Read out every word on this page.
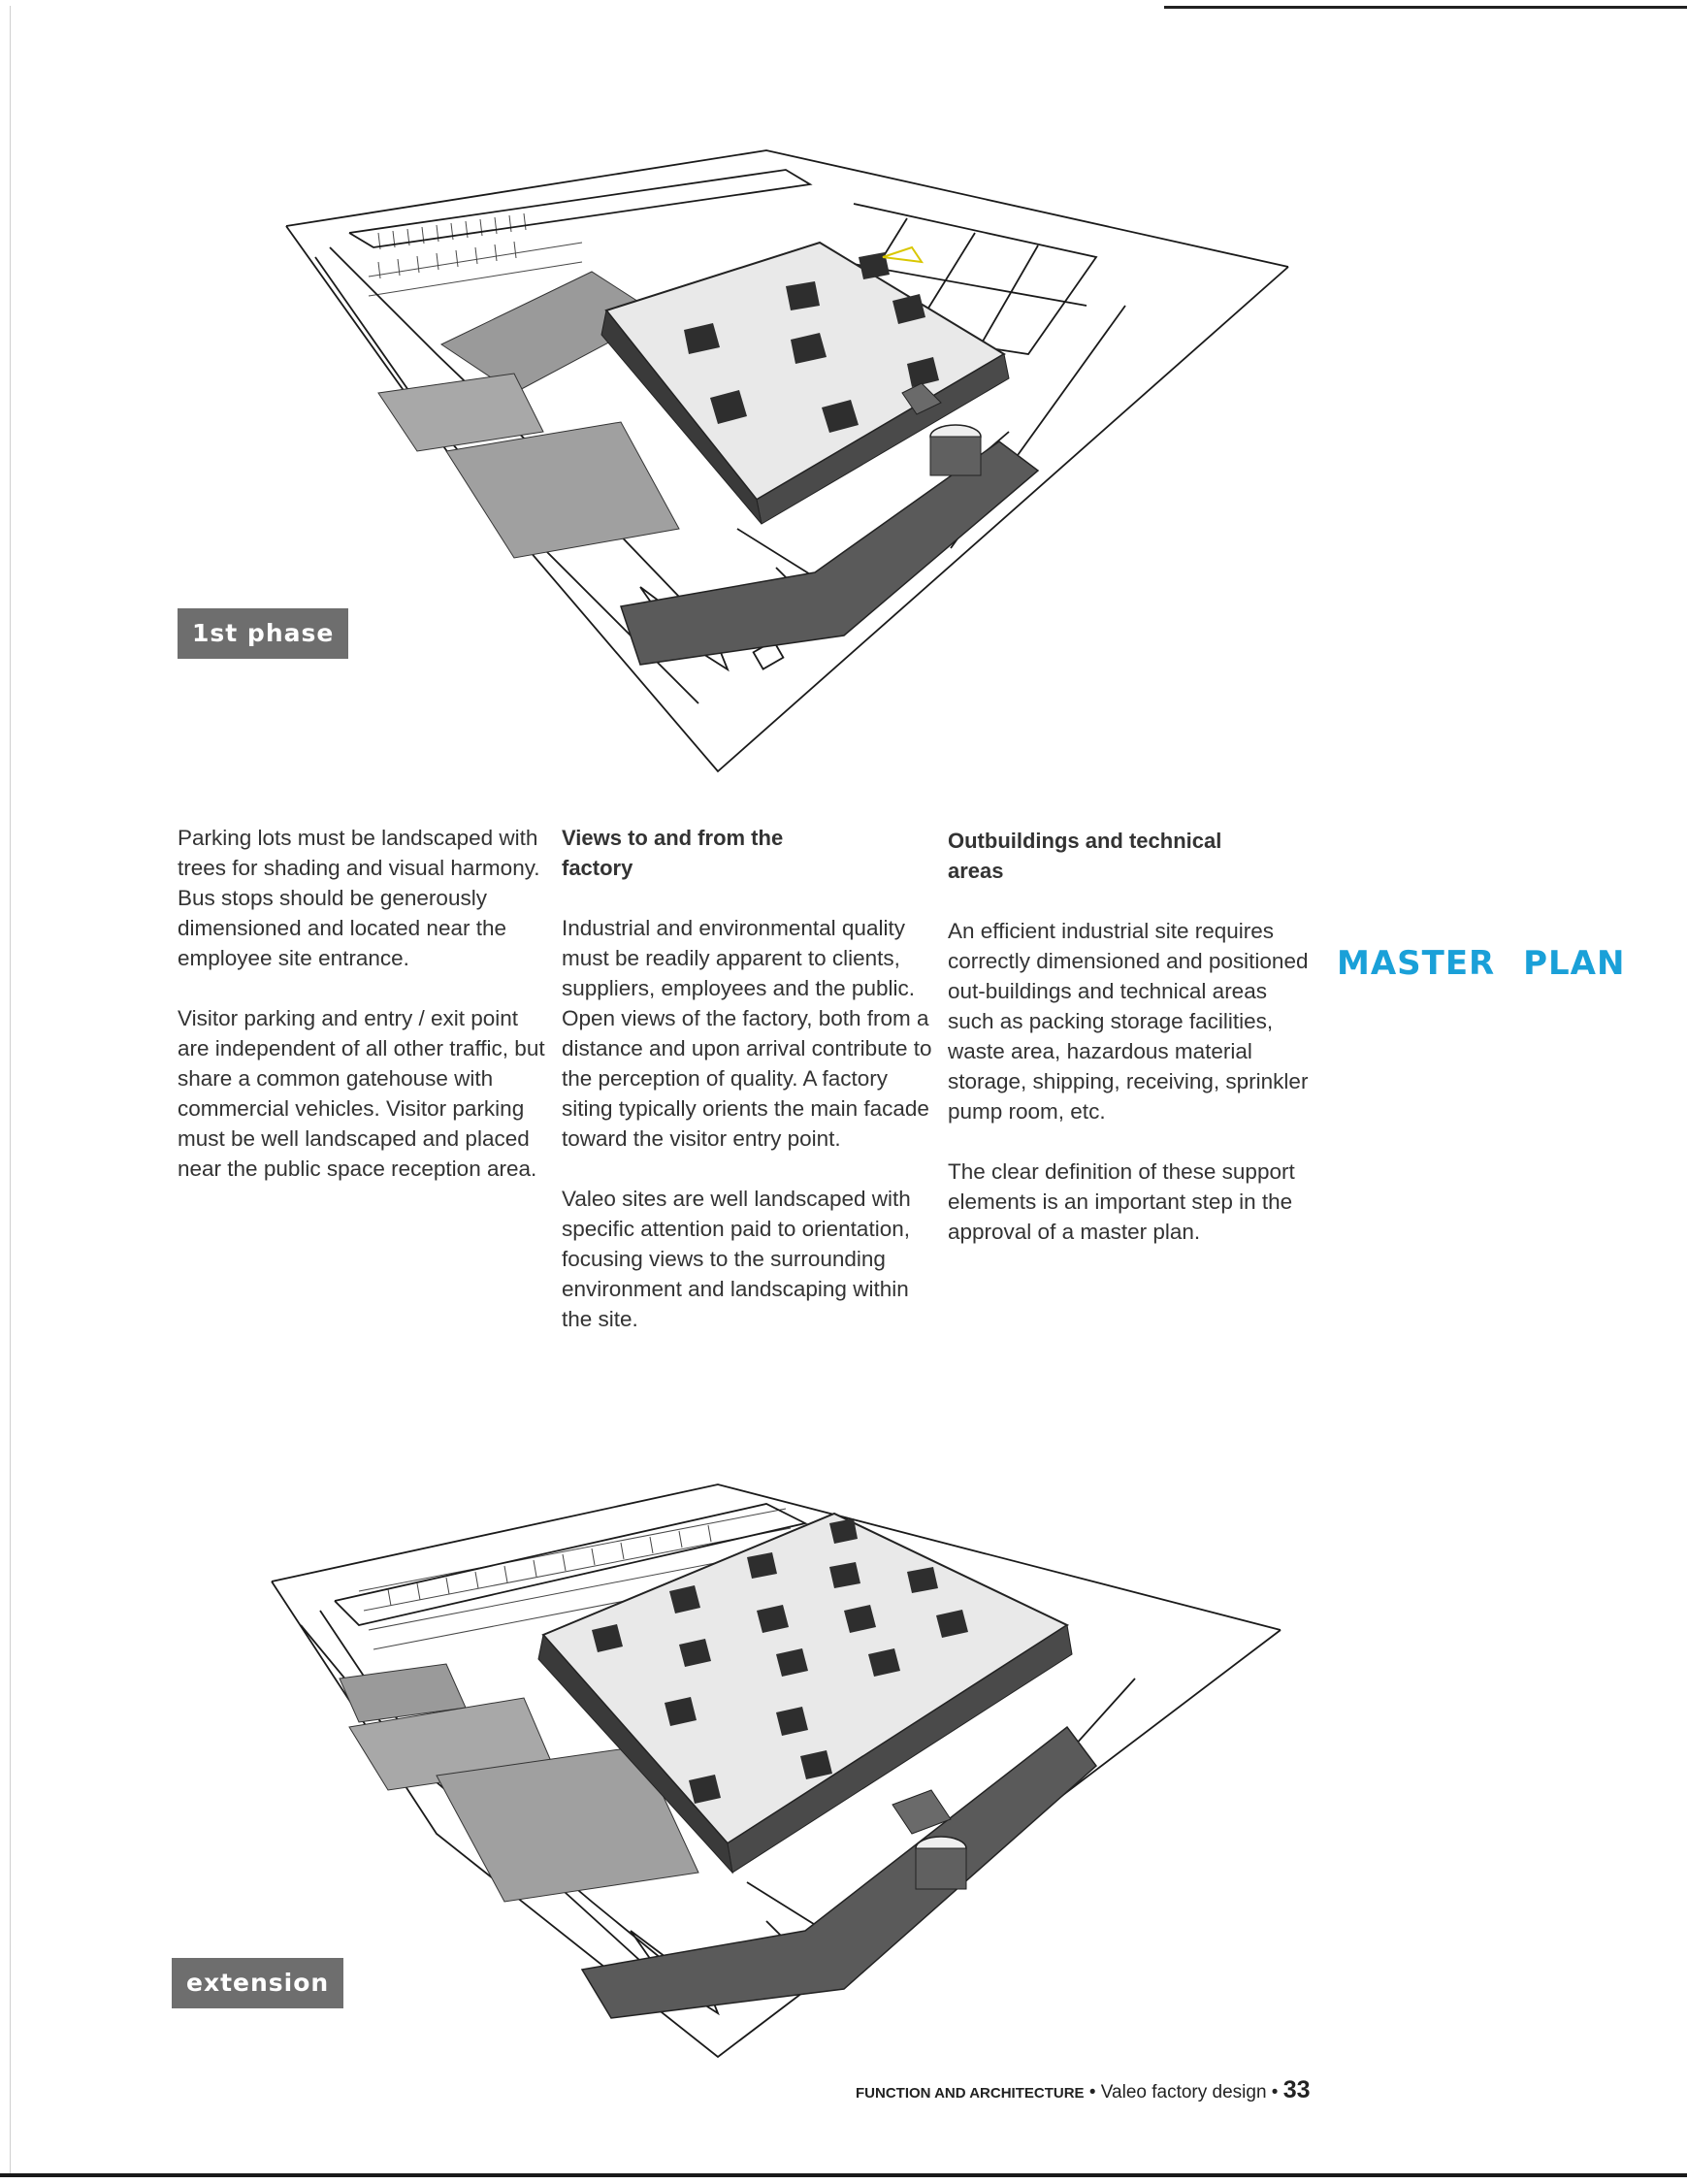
1st phase

Parking lots must be landscaped with trees for shading and visual harmony. Bus stops should be generously dimensioned and located near the employee site entrance.

Visitor parking and entry / exit point are independent of all other traffic, but share a common gatehouse with commercial vehicles. Visitor parking must be well landscaped and placed near the public space reception area.

Views to and from the factory

Industrial and environmental quality must be readily apparent to clients, suppliers, employees and the public. Open views of the factory, both from a distance and upon arrival contribute to the perception of quality. A factory siting typically orients the main facade toward the visitor entry point.

Valeo sites are well landscaped with specific attention paid to orientation, focusing views to the surrounding environment and landscaping within the site.

Outbuildings and technical areas

An efficient industrial site requires correctly dimensioned and positioned out-buildings and technical areas such as packing storage facilities, waste area, hazardous material storage, shipping, receiving, sprinkler pump room, etc.

The clear definition of these support elements is an important step in the approval of a master plan.

MASTER PLAN
extension
FUNCTION AND ARCHITECTURE • Valeo factory design • 33
